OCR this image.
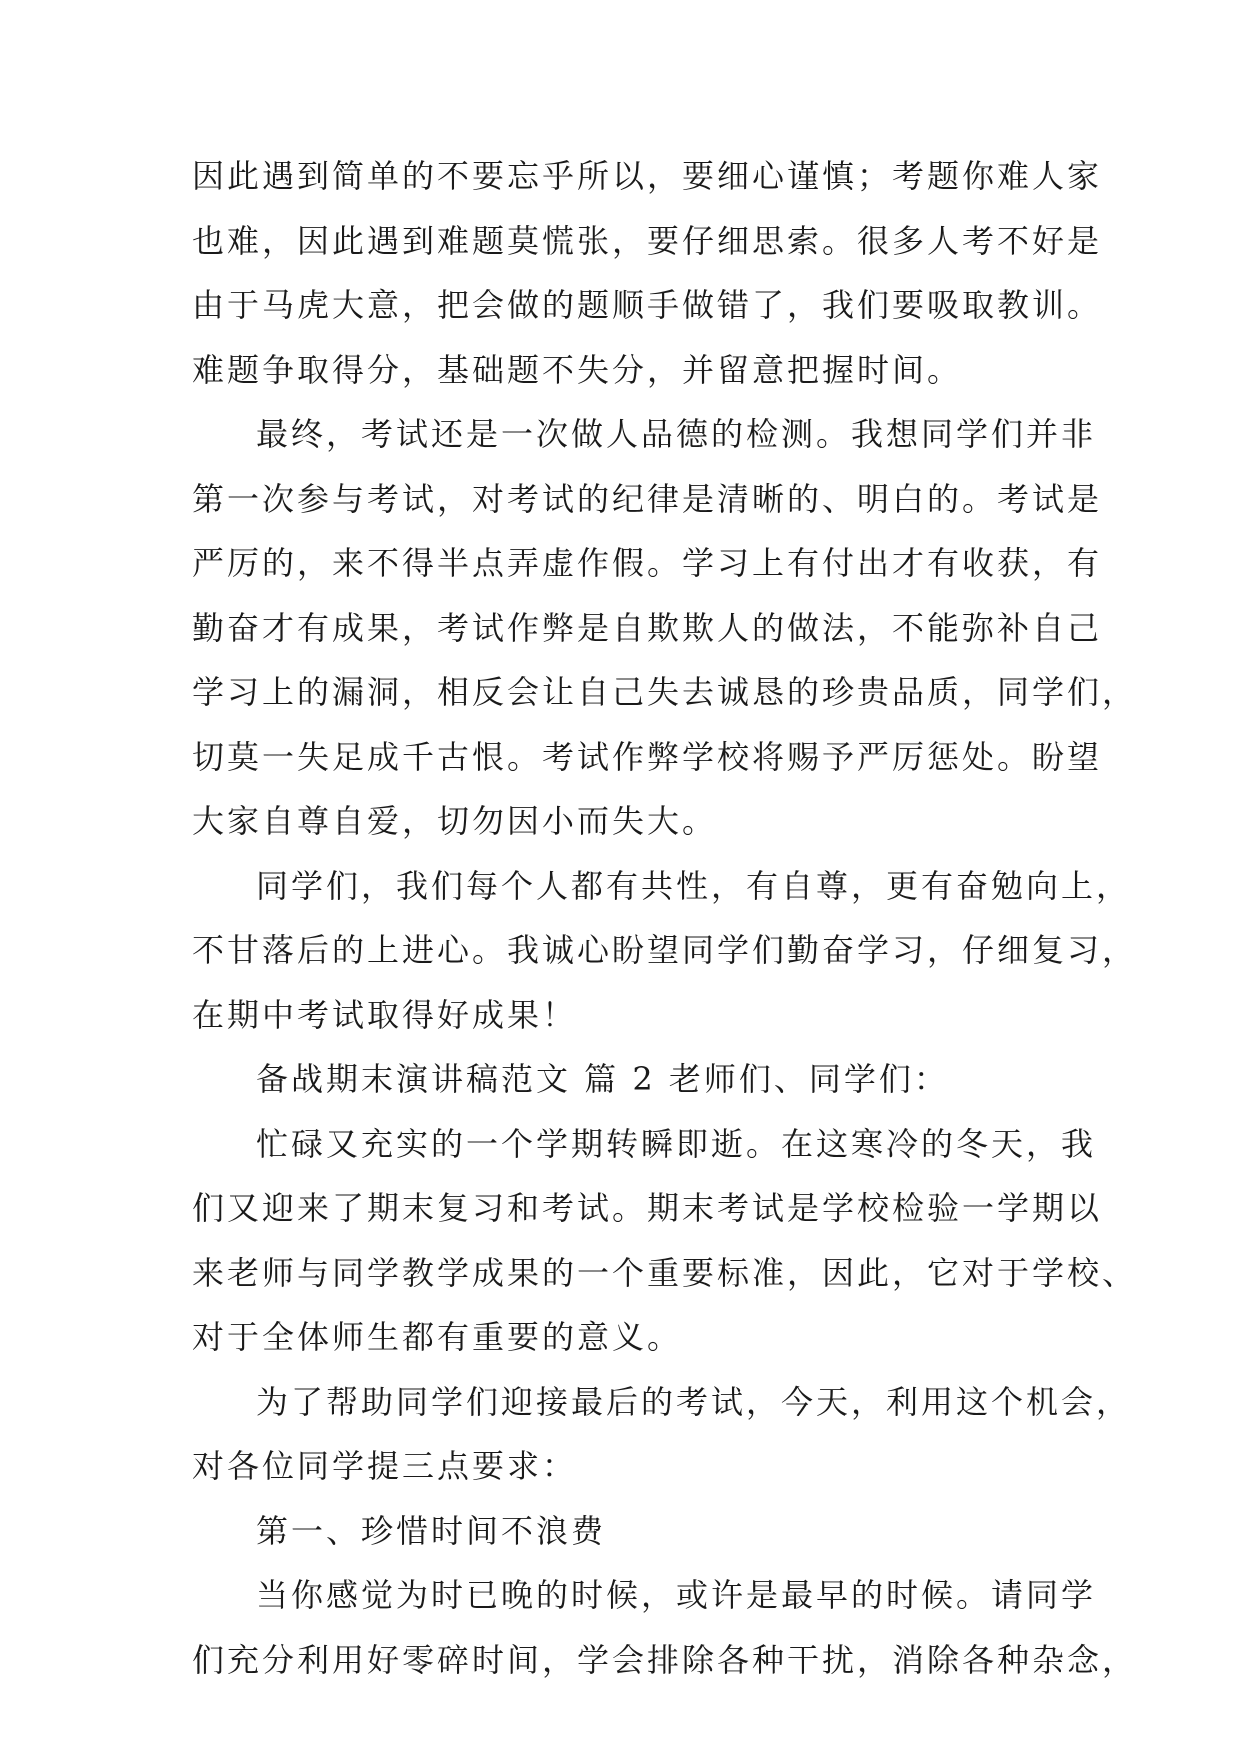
因此遇到简单的不要忘乎所以，要细心谨慎；考题你难人家
也难，因此遇到难题莫慌张，要仔细思索。很多人考不好是
由于马虎大意，把会做的题顺手做错了，我们要吸取教训。
难题争取得分，基础题不失分，并留意把握时间。
最终，考试还是一次做人品德的检测。我想同学们并非
第一次参与考试，对考试的纪律是清晰的、明白的。考试是
严厉的，来不得半点弄虚作假。学习上有付出才有收获，有
勤奋才有成果，考试作弊是自欺欺人的做法，不能弥补自己
学习上的漏洞，相反会让自己失去诚恳的珍贵品质，同学们，
切莫一失足成千古恨。考试作弊学校将赐予严厉惩处。盼望
大家自尊自爱，切勿因小而失大。
同学们，我们每个人都有共性，有自尊，更有奋勉向上，
不甘落后的上进心。我诚心盼望同学们勤奋学习，仔细复习，
在期中考试取得好成果！
备战期末演讲稿范文 篇 2 老师们、同学们：
忙碌又充实的一个学期转瞬即逝。在这寒冷的冬天，我
们又迎来了期末复习和考试。期末考试是学校检验一学期以
来老师与同学教学成果的一个重要标准，因此，它对于学校、
对于全体师生都有重要的意义。
为了帮助同学们迎接最后的考试，今天，利用这个机会，
对各位同学提三点要求：
第一、珍惜时间不浪费
当你感觉为时已晚的时候，或许是最早的时候。请同学
们充分利用好零碎时间，学会排除各种干扰，消除各种杂念，
